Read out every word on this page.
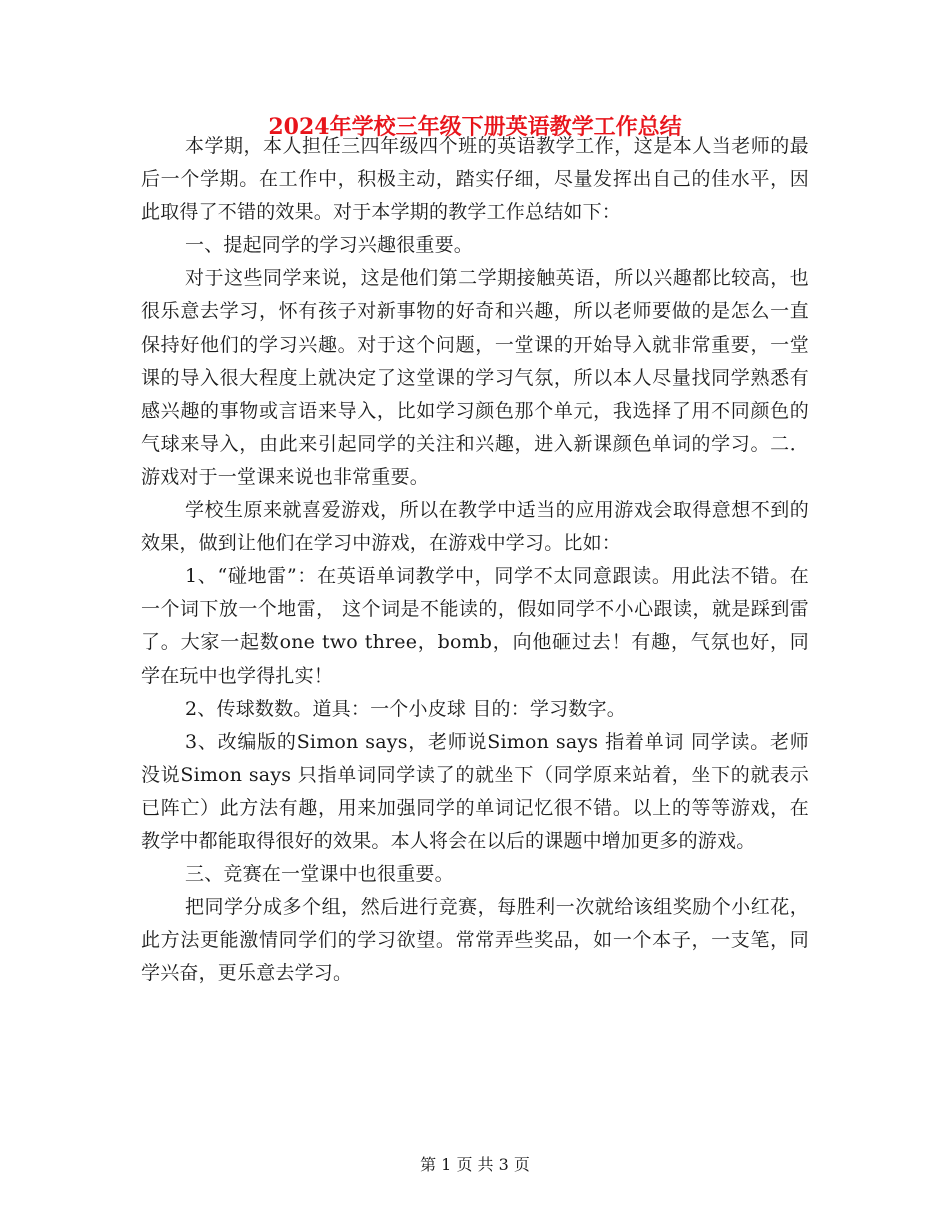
2024年学校三年级下册英语教学工作总结

本学期，本人担任三四年级四个班的英语教学工作，这是本人当老师的最后一个学期。在工作中，积极主动，踏实仔细，尽量发挥出自己的佳水平，因此取得了不错的效果。对于本学期的教学工作总结如下：

一、提起同学的学习兴趣很重要。

对于这些同学来说，这是他们第二学期接触英语，所以兴趣都比较高，也很乐意去学习，怀有孩子对新事物的好奇和兴趣，所以老师要做的是怎么一直保持好他们的学习兴趣。对于这个问题，一堂课的开始导入就非常重要，一堂课的导入很大程度上就决定了这堂课的学习气氛，所以本人尽量找同学熟悉有感兴趣的事物或言语来导入，比如学习颜色那个单元，我选择了用不同颜色的气球来导入，由此来引起同学的关注和兴趣，进入新课颜色单词的学习。二．游戏对于一堂课来说也非常重要。

学校生原来就喜爱游戏，所以在教学中适当的应用游戏会取得意想不到的效果，做到让他们在学习中游戏，在游戏中学习。比如：

1、“碰地雷”：在英语单词教学中，同学不太同意跟读。用此法不错。在一个词下放一个地雷， 这个词是不能读的，假如同学不小心跟读，就是踩到雷了。大家一起数one two three，bomb，向他砸过去！有趣，气氛也好，同学在玩中也学得扎实！

2、传球数数。道具：一个小皮球 目的：学习数字。

3、改编版的Simon says，老师说Simon says 指着单词 同学读。老师没说Simon says 只指单词同学读了的就坐下（同学原来站着，坐下的就表示已阵亡）此方法有趣，用来加强同学的单词记忆很不错。以上的等等游戏，在教学中都能取得很好的效果。本人将会在以后的课题中增加更多的游戏。

三、竞赛在一堂课中也很重要。

把同学分成多个组，然后进行竞赛，每胜利一次就给该组奖励个小红花，此方法更能激情同学们的学习欲望。常常弄些奖品，如一个本子，一支笔，同学兴奋，更乐意去学习。

第 1 页 共 3 页
